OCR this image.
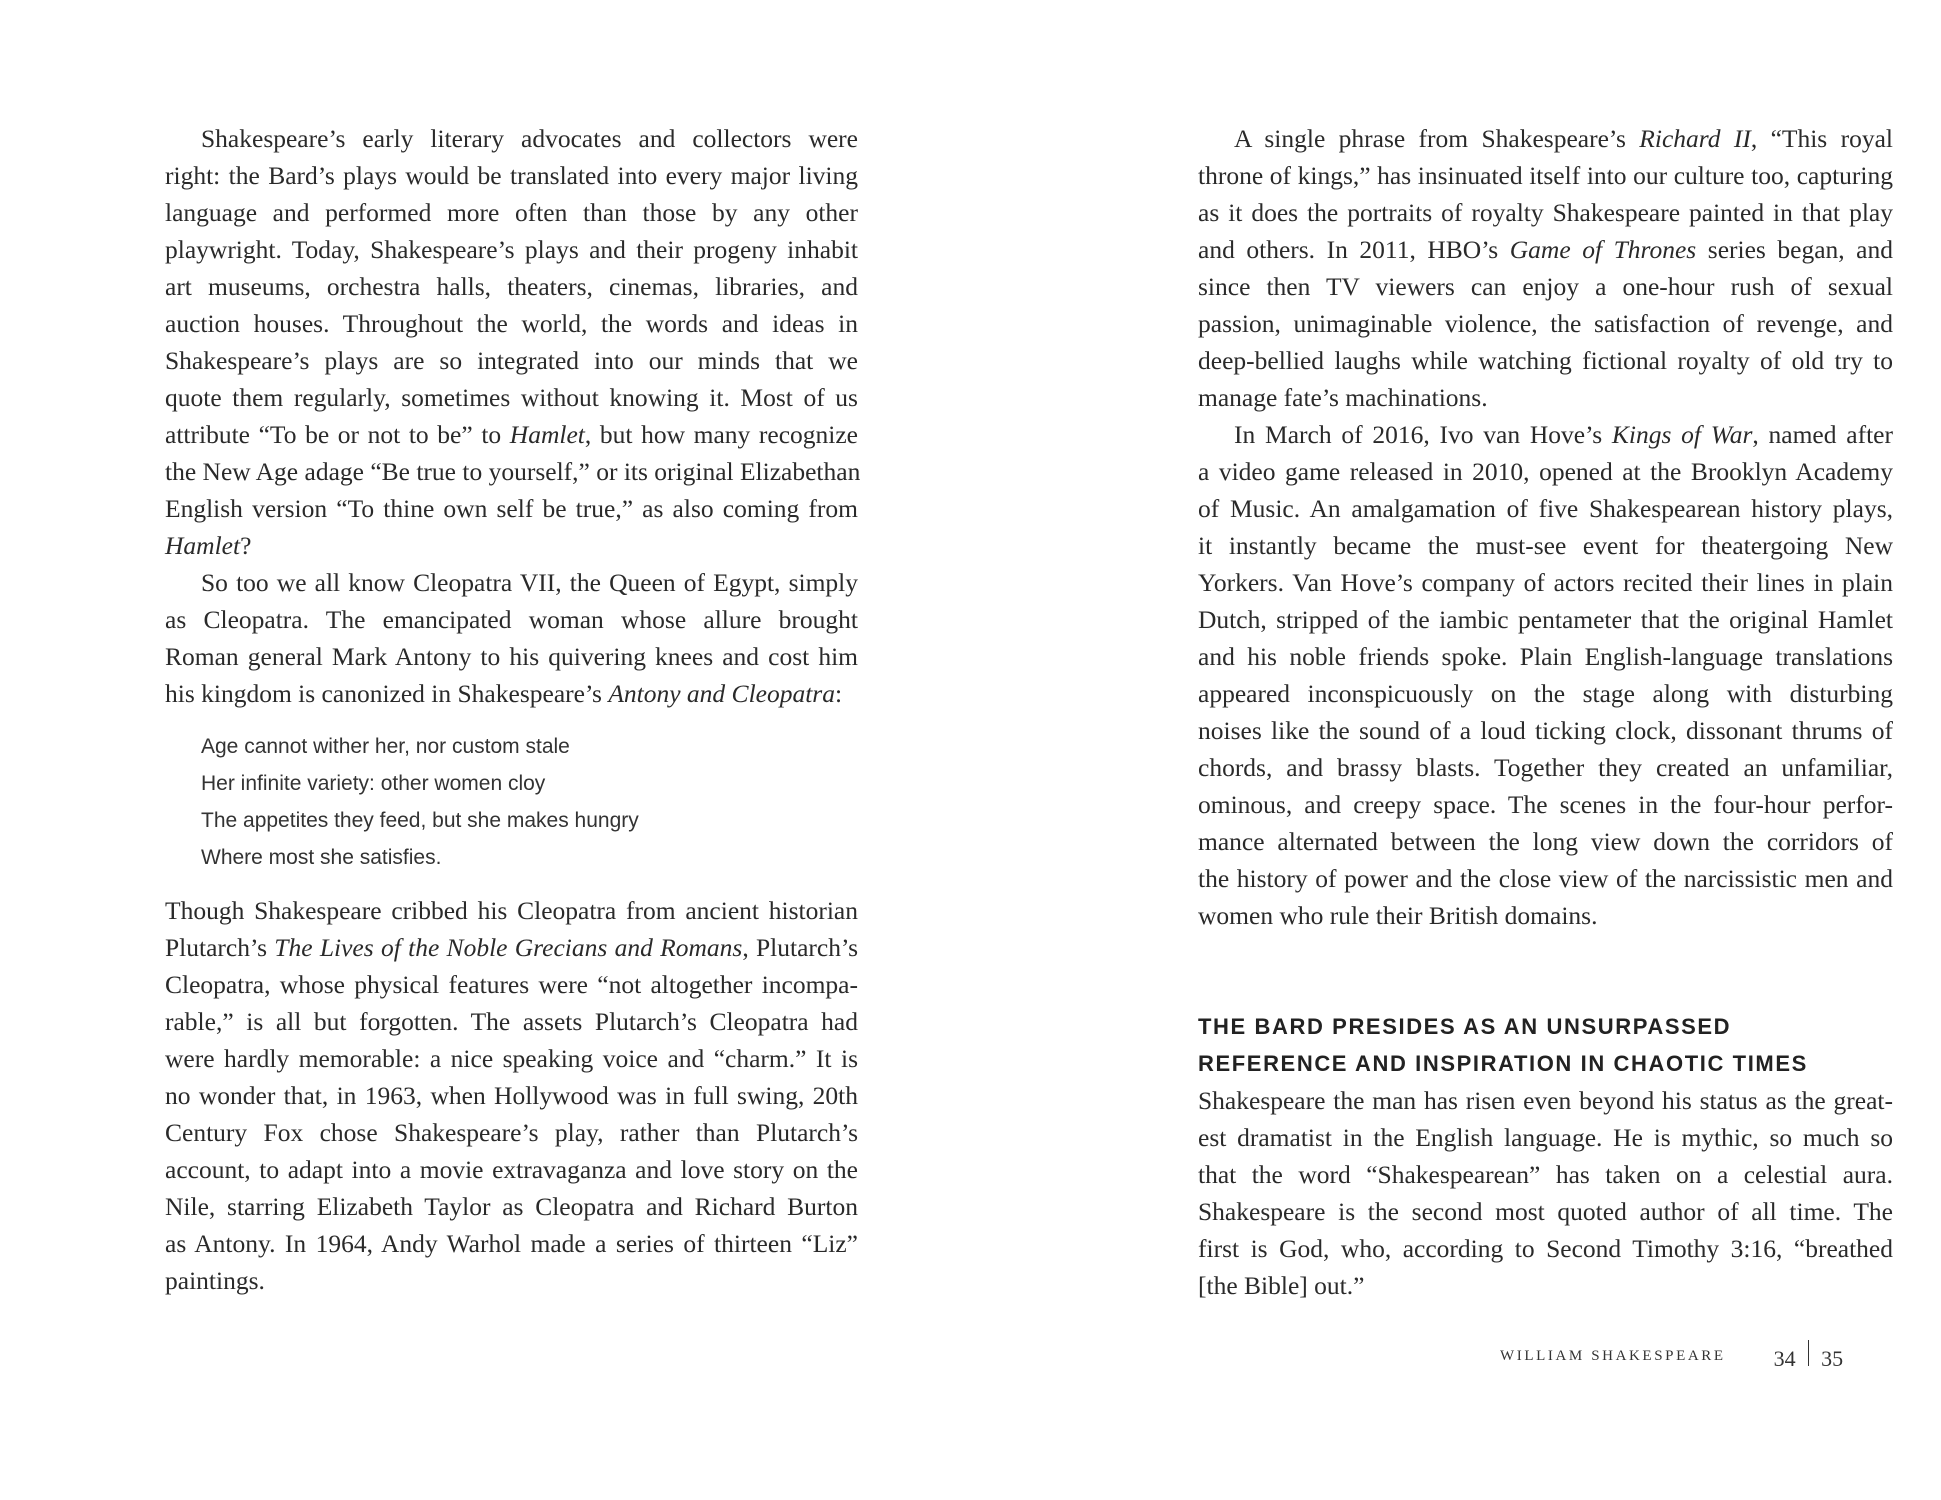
Shakespeare’s early literary advocates and collectors were
right: the Bard’s plays would be translated into every major living
language and performed more often than those by any other
playwright. Today, Shakespeare’s plays and their progeny inhabit
art museums, orchestra halls, theaters, cinemas, libraries, and
auction houses. Throughout the world, the words and ideas in
Shakespeare’s plays are so integrated into our minds that we
quote them regularly, sometimes without knowing it. Most of us
attribute “To be or not to be” to Hamlet, but how many recognize
the New Age adage “Be true to yourself,” or its original Elizabethan
English version “To thine own self be true,” as also coming from
Hamlet?
So too we all know Cleopatra VII, the Queen of Egypt, simply
as Cleopatra. The emancipated woman whose allure brought
Roman general Mark Antony to his quivering knees and cost him
his kingdom is canonized in Shakespeare’s Antony and Cleopatra:
Age cannot wither her, nor custom stale
Her infinite variety: other women cloy
The appetites they feed, but she makes hungry
Where most she satisfies.
Though Shakespeare cribbed his Cleopatra from ancient historian
Plutarch’s The Lives of the Noble Grecians and Romans, Plutarch’s
Cleopatra, whose physical features were “not altogether incompa-
rable,” is all but forgotten. The assets Plutarch’s Cleopatra had
were hardly memorable: a nice speaking voice and “charm.” It is
no wonder that, in 1963, when Hollywood was in full swing, 20th
Century Fox chose Shakespeare’s play, rather than Plutarch’s
account, to adapt into a movie extravaganza and love story on the
Nile, starring Elizabeth Taylor as Cleopatra and Richard Burton
as Antony. In 1964, Andy Warhol made a series of thirteen “Liz”
paintings.
A single phrase from Shakespeare’s Richard II, “This royal
throne of kings,” has insinuated itself into our culture too, capturing
as it does the portraits of royalty Shakespeare painted in that play
and others. In 2011, HBO’s Game of Thrones series began, and
since then TV viewers can enjoy a one-hour rush of sexual
passion, unimaginable violence, the satisfaction of revenge, and
deep-bellied laughs while watching fictional royalty of old try to
manage fate’s machinations.
In March of 2016, Ivo van Hove’s Kings of War, named after
a video game released in 2010, opened at the Brooklyn Academy
of Music. An amalgamation of five Shakespearean history plays,
it instantly became the must-see event for theatergoing New
Yorkers. Van Hove’s company of actors recited their lines in plain
Dutch, stripped of the iambic pentameter that the original Hamlet
and his noble friends spoke. Plain English-language translations
appeared inconspicuously on the stage along with disturbing
noises like the sound of a loud ticking clock, dissonant thrums of
chords, and brassy blasts. Together they created an unfamiliar,
ominous, and creepy space. The scenes in the four-hour perfor-
mance alternated between the long view down the corridors of
the history of power and the close view of the narcissistic men and
women who rule their British domains.
THE BARD PRESIDES AS AN UNSURPASSED
REFERENCE AND INSPIRATION IN CHAOTIC TIMES
Shakespeare the man has risen even beyond his status as the great-
est dramatist in the English language. He is mythic, so much so
that the word “Shakespearean” has taken on a celestial aura.
Shakespeare is the second most quoted author of all time. The
first is God, who, according to Second Timothy 3:16, “breathed
[the Bible] out.”
WILLIAM SHAKESPEARE 34 35
